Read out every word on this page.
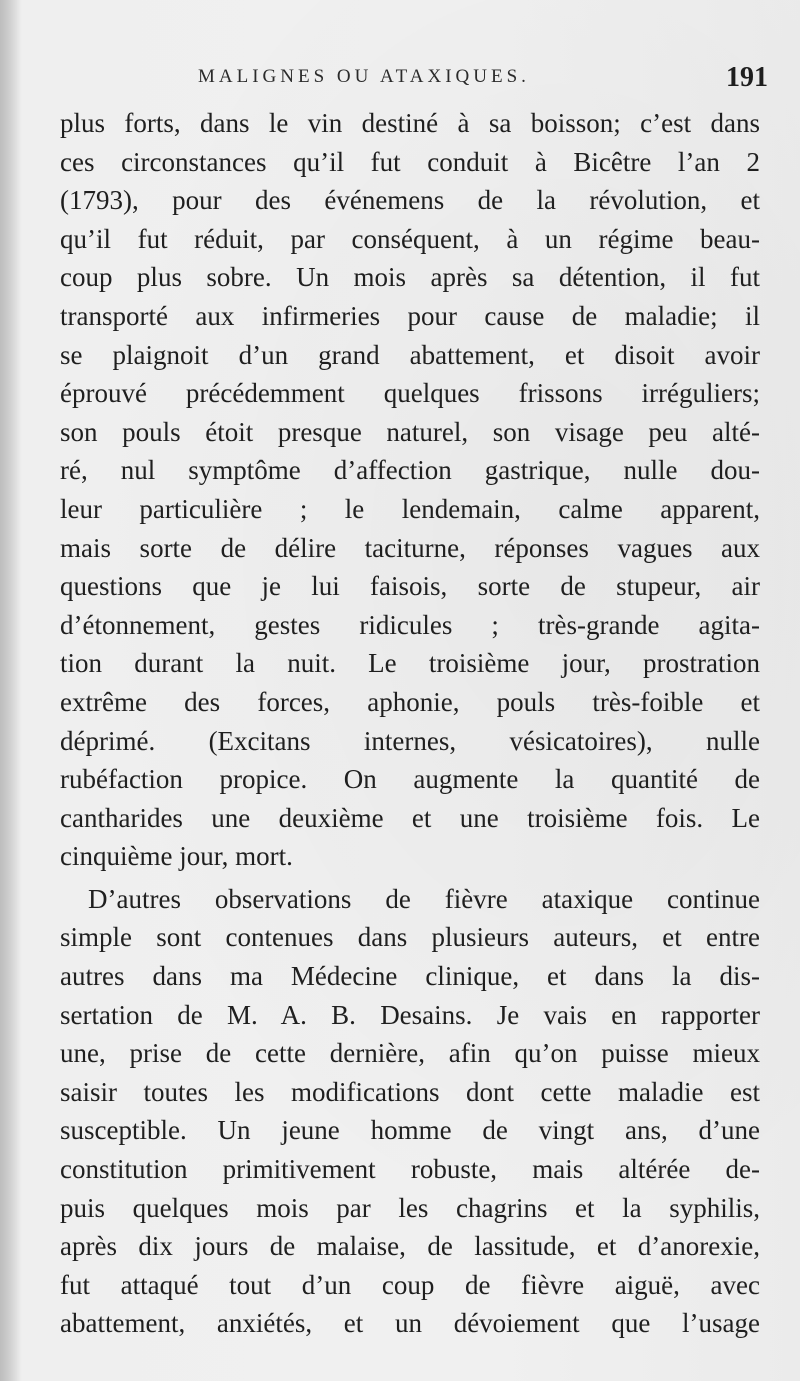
MALIGNES OU ATAXIQUES.	191
plus forts, dans le vin destiné à sa boisson; c’est dans
ces circonstances qu’il fut conduit à Bicêtre l’an 2
(1793), pour des événemens de la révolution, et
qu’il fut réduit, par conséquent, à un régime beau-
coup plus sobre. Un mois après sa détention, il fut
transporté aux infirmeries pour cause de maladie; il
se plaignoit d’un grand abattement, et disoit avoir
éprouvé précédemment quelques frissons irréguliers;
son pouls étoit presque naturel, son visage peu alté-
ré, nul symptôme d’affection gastrique, nulle dou-
leur particulière ; le lendemain, calme apparent,
mais sorte de délire taciturne, réponses vagues aux
questions que je lui faisois, sorte de stupeur, air
d’étonnement, gestes ridicules ; très-grande agita-
tion durant la nuit. Le troisième jour, prostration
extrême des forces, aphonie, pouls très-foible et
déprimé. (Excitans internes, vésicatoires), nulle
rubéfaction propice. On augmente la quantité de
cantharides une deuxième et une troisième fois. Le
cinquième jour, mort.
D’autres observations de fièvre ataxique continue
simple sont contenues dans plusieurs auteurs, et entre
autres dans ma Médecine clinique, et dans la dis-
sertation de M. A. B. Desains. Je vais en rapporter
une, prise de cette dernière, afin qu’on puisse mieux
saisir toutes les modifications dont cette maladie est
susceptible. Un jeune homme de vingt ans, d’une
constitution primitivement robuste, mais altérée de-
puis quelques mois par les chagrins et la syphilis,
après dix jours de malaise, de lassitude, et d’anorexie,
fut attaqué tout d’un coup de fièvre aiguë, avec
abattement, anxiétés, et un dévoiement que l’usage
